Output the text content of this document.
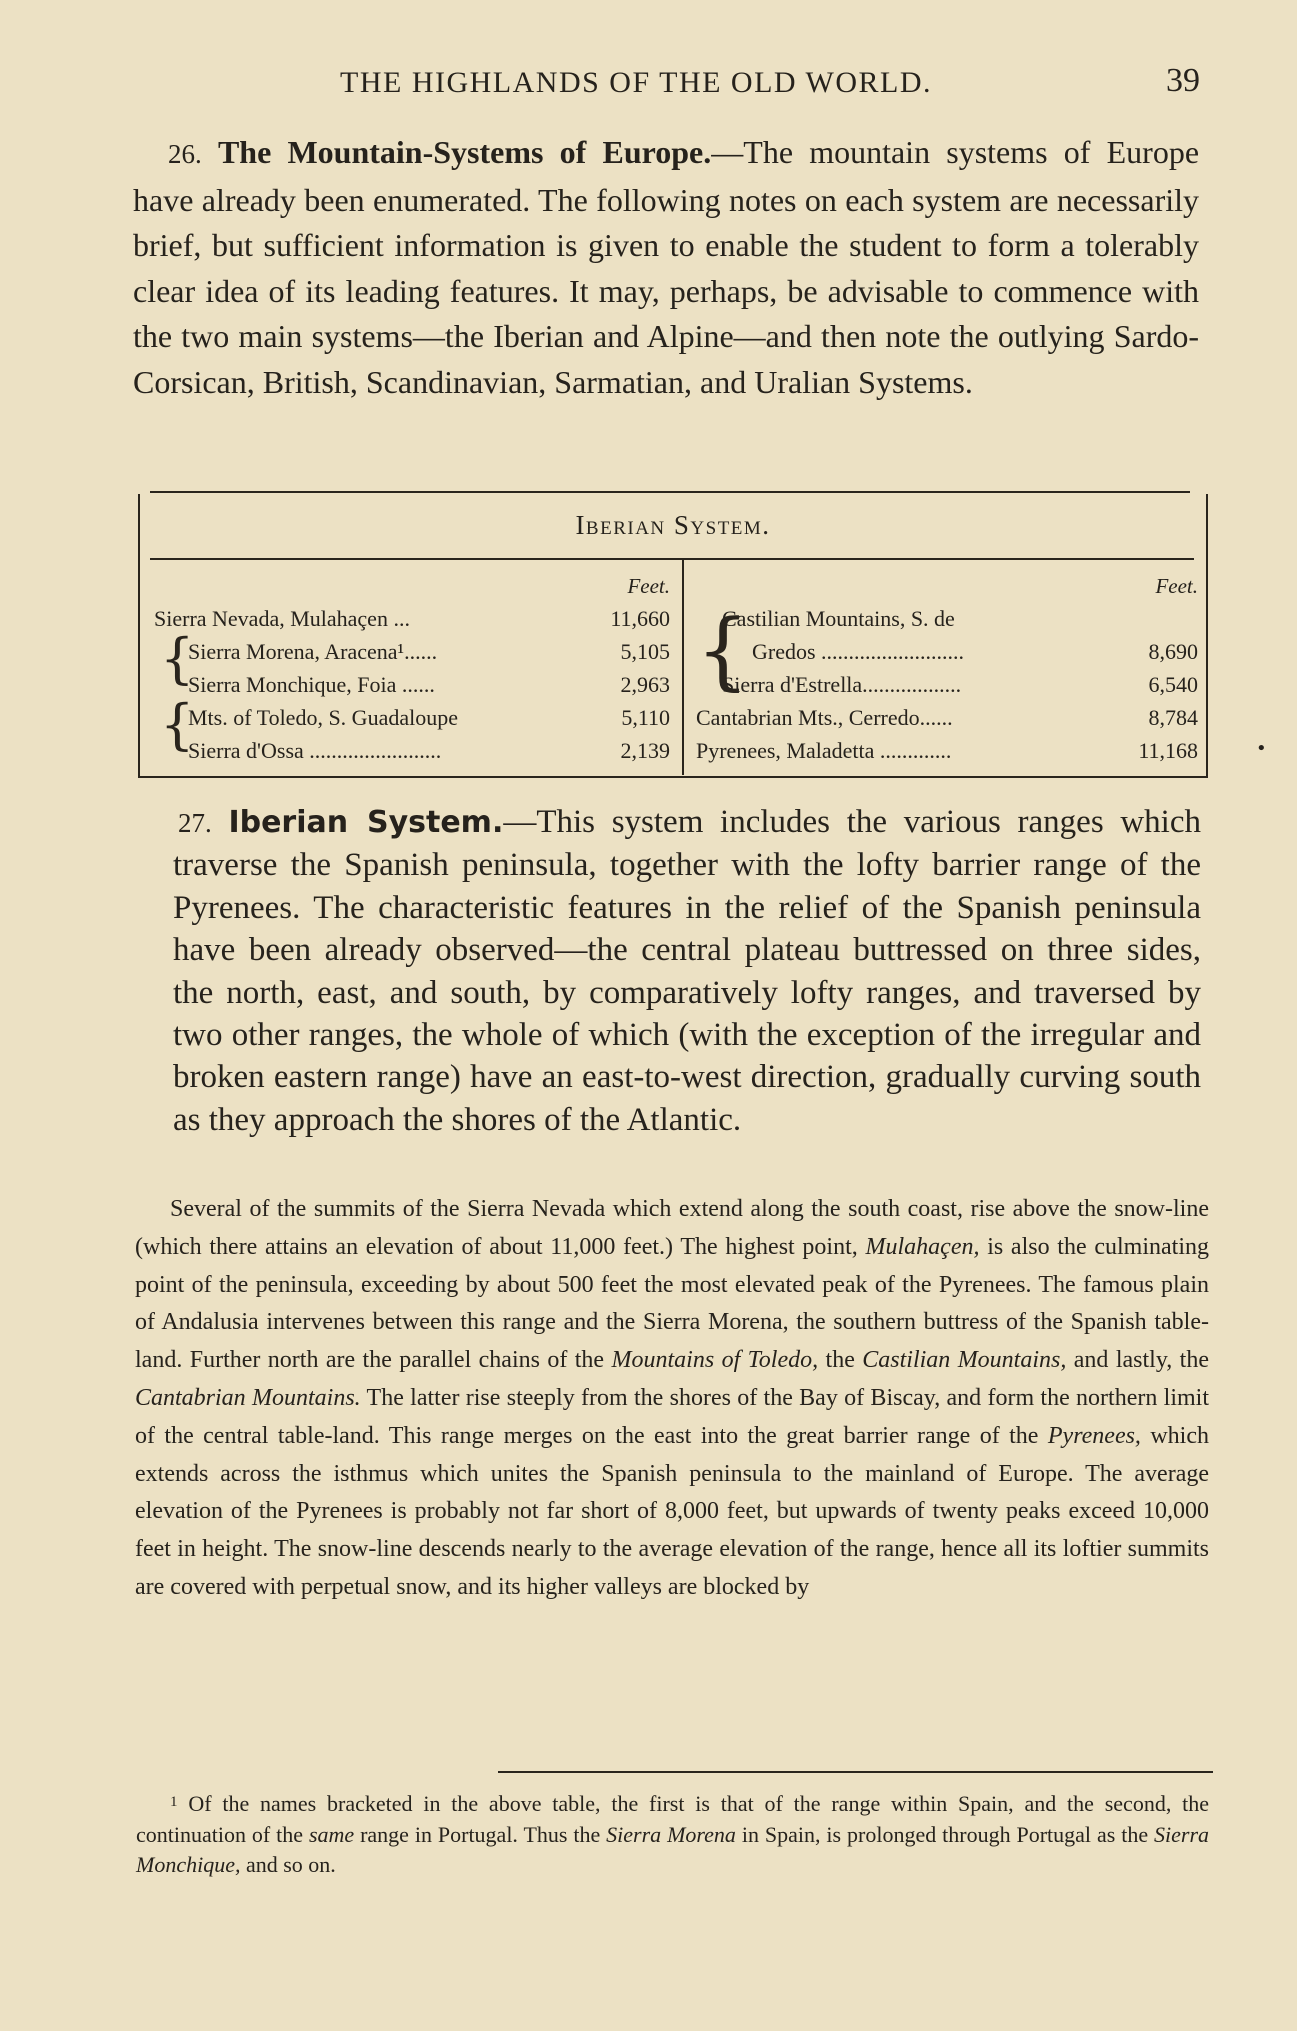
THE HIGHLANDS OF THE OLD WORLD.	39

26. The Mountain-Systems of Europe.—The mountain systems of Europe have already been enumerated. The following notes on each system are necessarily brief, but sufficient information is given to enable the student to form a tolerably clear idea of its leading features. It may, perhaps, be advisable to commence with the two main systems—the Iberian and Alpine—and then note the outlying Sardo-Corsican, British, Scandinavian, Sarmatian, and Uralian Systems.

Iberian System.
Feet.
Sierra Nevada, Mulahaçen ...	11,660
Sierra Morena, Aracena¹......	5,105
Sierra Monchique, Foia ......	2,963
Mts. of Toledo, S. Guadaloupe	5,110
Sierra d'Ossa ........................	2,139
{
{
Feet.
Castilian Mountains, S. de
Gredos ..........................	8,690
Sierra d'Estrella..................	6,540
Cantabrian Mts., Cerredo......	8,784
Pyrenees, Maladetta .............	11,168
{
•

27. Iberian System.—This system includes the various ranges which traverse the Spanish peninsula, together with the lofty barrier range of the Pyrenees. The characteristic features in the relief of the Spanish peninsula have been already observed—the central plateau buttressed on three sides, the north, east, and south, by comparatively lofty ranges, and traversed by two other ranges, the whole of which (with the exception of the irregular and broken eastern range) have an east-to-west direction, gradually curving south as they approach the shores of the Atlantic.

Several of the summits of the Sierra Nevada which extend along the south coast, rise above the snow-line (which there attains an elevation of about 11,000 feet.) The highest point, Mulahaçen, is also the culminating point of the peninsula, exceeding by about 500 feet the most elevated peak of the Pyrenees. The famous plain of Andalusia intervenes between this range and the Sierra Morena, the southern buttress of the Spanish table-land. Further north are the parallel chains of the Mountains of Toledo, the Castilian Mountains, and lastly, the Cantabrian Mountains. The latter rise steeply from the shores of the Bay of Biscay, and form the northern limit of the central table-land. This range merges on the east into the great barrier range of the Pyrenees, which extends across the isthmus which unites the Spanish peninsula to the mainland of Europe. The average elevation of the Pyrenees is probably not far short of 8,000 feet, but upwards of twenty peaks exceed 10,000 feet in height. The snow-line descends nearly to the average elevation of the range, hence all its loftier summits are covered with perpetual snow, and its higher valleys are blocked by

$^1$ Of the names bracketed in the above table, the first is that of the range within Spain, and the second, the continuation of the same range in Portugal. Thus the Sierra Morena in Spain, is prolonged through Portugal as the Sierra Monchique, and so on.
